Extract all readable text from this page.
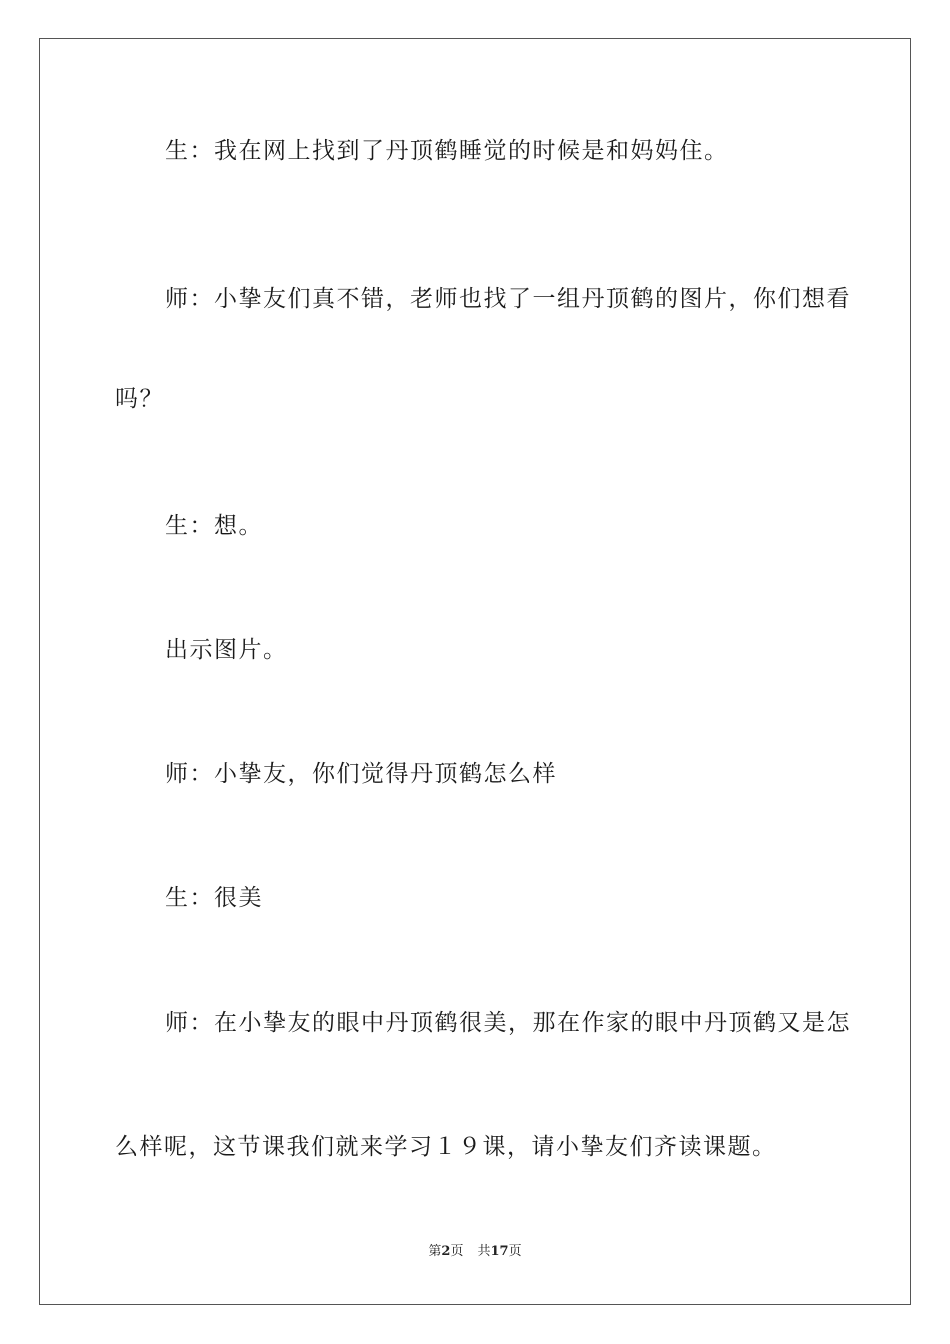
生：我在网上找到了丹顶鹤睡觉的时候是和妈妈住。
师：小挚友们真不错，老师也找了一组丹顶鹤的图片，你们想看
吗？
生：想。
出示图片。
师：小挚友，你们觉得丹顶鹤怎么样
生：很美
师：在小挚友的眼中丹顶鹤很美，那在作家的眼中丹顶鹤又是怎
么样呢，这节课我们就来学习１９课，请小挚友们齐读课题。
第2页 共17页
